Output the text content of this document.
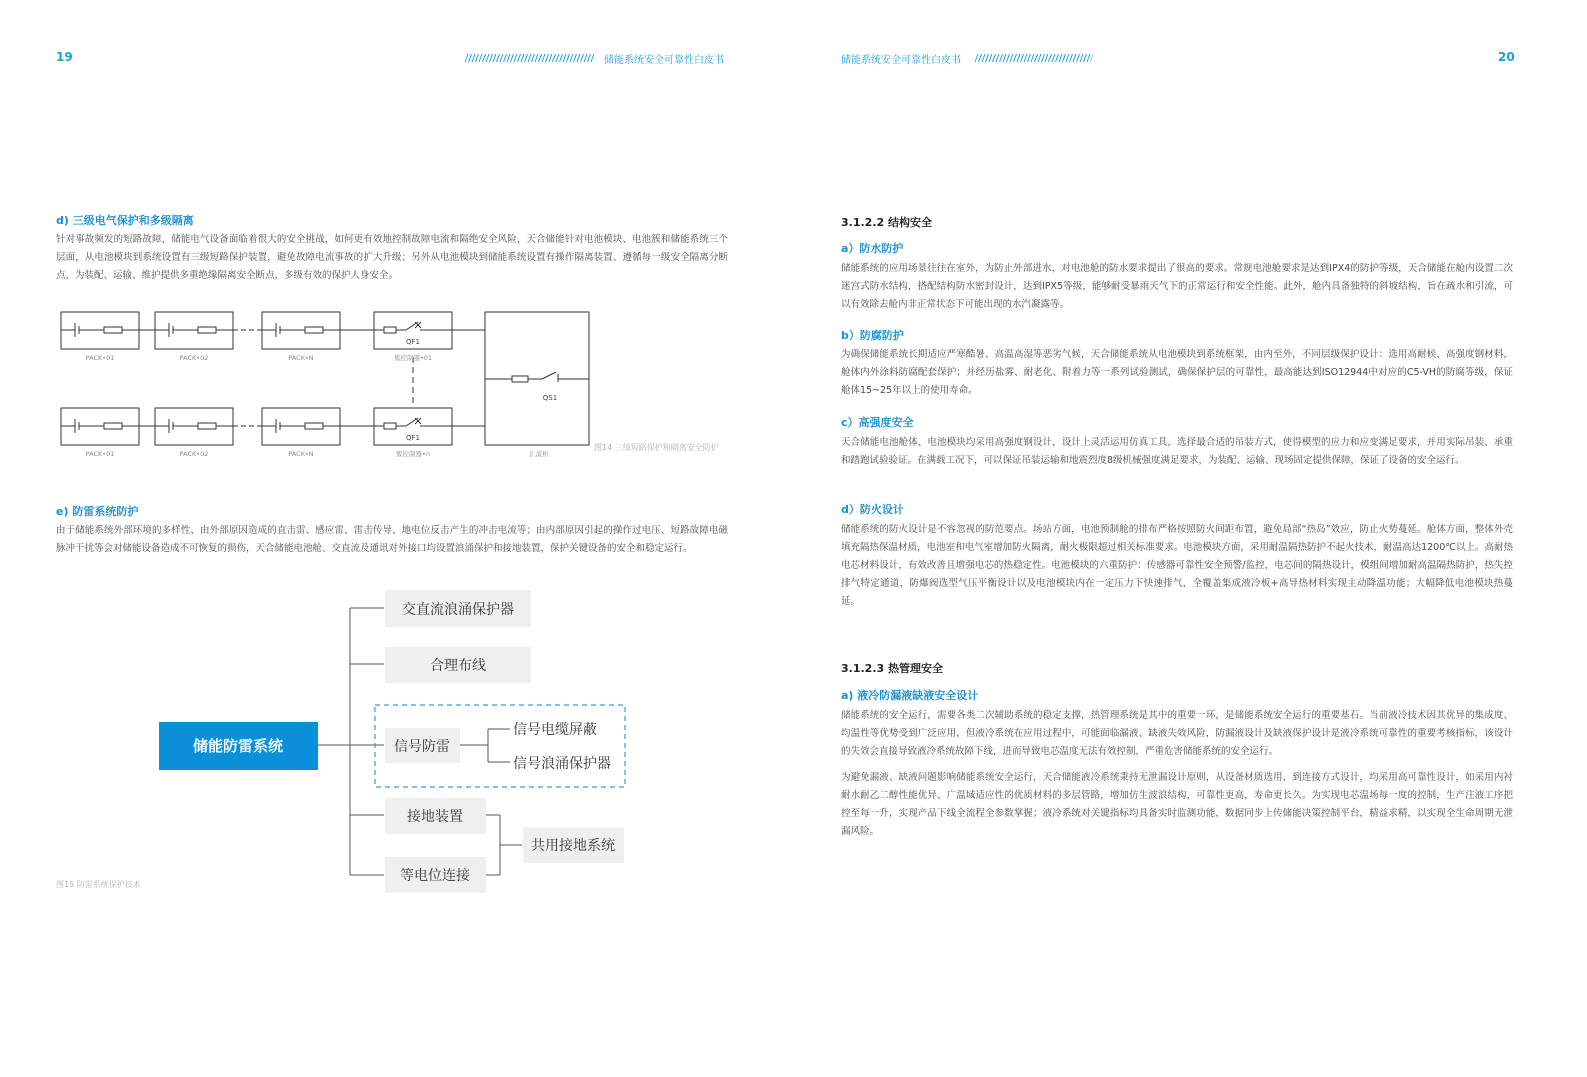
19	储能系统安全可靠性白皮书
d) 三级电气保护和多级隔离
针对事故频发的短路故障，储能电气设备面临着很大的安全挑战，如何更有效地控制故障电流和隔绝安全风险，天合储能针对电池模块、电池簇和储能系统三个层面，从电池模块到系统设置有三级短路保护装置，避免故障电流事故的扩大升级；另外从电池模块到储能系统设置有操作隔离装置、遵循每一级安全隔离分断点，为装配、运输、维护提供多重绝缘隔离安全断点，多级有效的保护人身安全。
PACK•01	PACK•02	PACK•N	簇控制器•01
QF1
PACK•01	PACK•02	PACK•N	簇控制器•n
QF1
QS1
汇流柜
图14 三级短路保护和隔离安全防护
e) 防雷系统防护
由于储能系统外部环境的多样性、由外部原因造成的直击雷、感应雷、雷击传导、地电位反击产生的冲击电流等；由内部原因引起的操作过电压、短路故障电磁脉冲干扰等会对储能设备造成不可恢复的损伤，天合储能电池舱、交直流及通讯对外接口均设置浪涌保护和接地装置，保护关键设备的安全和稳定运行。
储能防雷系统
交直流浪涌保护器
合理布线
信号防雷
信号电缆屏蔽
信号浪涌保护器
接地装置
等电位连接
共用接地系统
图15 防雷系统保护技术
储能系统安全可靠性白皮书	20
3.1.2.2 结构安全
a）防水防护
储能系统的应用场景往往在室外，为防止外部进水，对电池舱的防水要求提出了很高的要求。常规电池舱要求是达到IPX4的防护等级，天合储能在舱内设置二次迷宫式防水结构，搭配结构防水密封设计，达到IPX5等级，能够耐受暴雨天气下的正常运行和安全性能。此外，舱内具备独特的斜坡结构，旨在疏水和引流，可以有效除去舱内非正常状态下可能出现的水汽凝露等。
b）防腐防护
为确保储能系统长期适应严寒酷暑、高温高湿等恶劣气候，天合储能系统从电池模块到系统框架，由内至外，不同层级保护设计：选用高耐候、高强度钢材料，舱体内外涂料防腐配套保护；并经历盐雾、耐老化、附着力等一系列试验测试，确保保护层的可靠性，最高能达到ISO12944中对应的C5-VH的防腐等级，保证舱体15~25年以上的使用寿命。
c）高强度安全
天合储能电池舱体、电池模块均采用高强度钢设计，设计上灵活运用仿真工具，选择最合适的吊装方式，使得模型的应力和应变满足要求，并用实际吊装、承重和踏跑试验验证。在满载工况下，可以保证吊装运输和地震烈度8级机械强度满足要求，为装配、运输、现场固定提供保障，保证了设备的安全运行。
d）防火设计
储能系统的防火设计是不容忽视的防范要点。场站方面，电池预制舱的排布严格按照防火间距布置，避免局部“热岛”效应，防止火势蔓延。舱体方面，整体外壳填充隔热保温材质，电池室和电气室增加防火隔离，耐火极限超过相关标准要求。电池模块方面，采用耐温隔热防护不起火技术，耐温高达1200℃以上。高耐热电芯材料设计，有效改善且增强电芯的热稳定性。电池模块的六重防护：传感器可靠性安全预警/监控，电芯间的隔热设计，模组间增加耐高温隔热防护，热失控排气特定通道，防爆阀选型气压平衡设计以及电池模块内在一定压力下快速排气，全覆盖集成液冷板+高导热材料实现主动降温功能；大幅降低电池模块热蔓延。
3.1.2.3 热管理安全
a) 液冷防漏液缺液安全设计
储能系统的安全运行，需要各类二次辅助系统的稳定支撑，热管理系统是其中的重要一环，是储能系统安全运行的重要基石。当前液冷技术因其优异的集成度、均温性等优势受到广泛应用，但液冷系统在应用过程中，可能面临漏液、缺液失效风险，防漏液设计及缺液保护设计是液冷系统可靠性的重要考核指标，该设计的失效会直接导致液冷系统故障下线，进而导致电芯温度无法有效控制，严重危害储能系统的安全运行。
为避免漏液、缺液问题影响储能系统安全运行，天合储能液冷系统秉持无泄漏设计原则，从设备材质选用，到连接方式设计，均采用高可靠性设计，如采用内衬耐水耐乙二醇性能优异、广温域适应性的优质材料的多层管路，增加仿生波浪结构，可靠性更高，寿命更长久。为实现电芯温场每一度的控制，生产注液工序把控至每一升，实现产品下线全流程全参数掌握；液冷系统对关键指标均具备实时监测功能，数据同步上传储能决策控制平台，精益求精，以实现全生命周期无泄漏风险。
